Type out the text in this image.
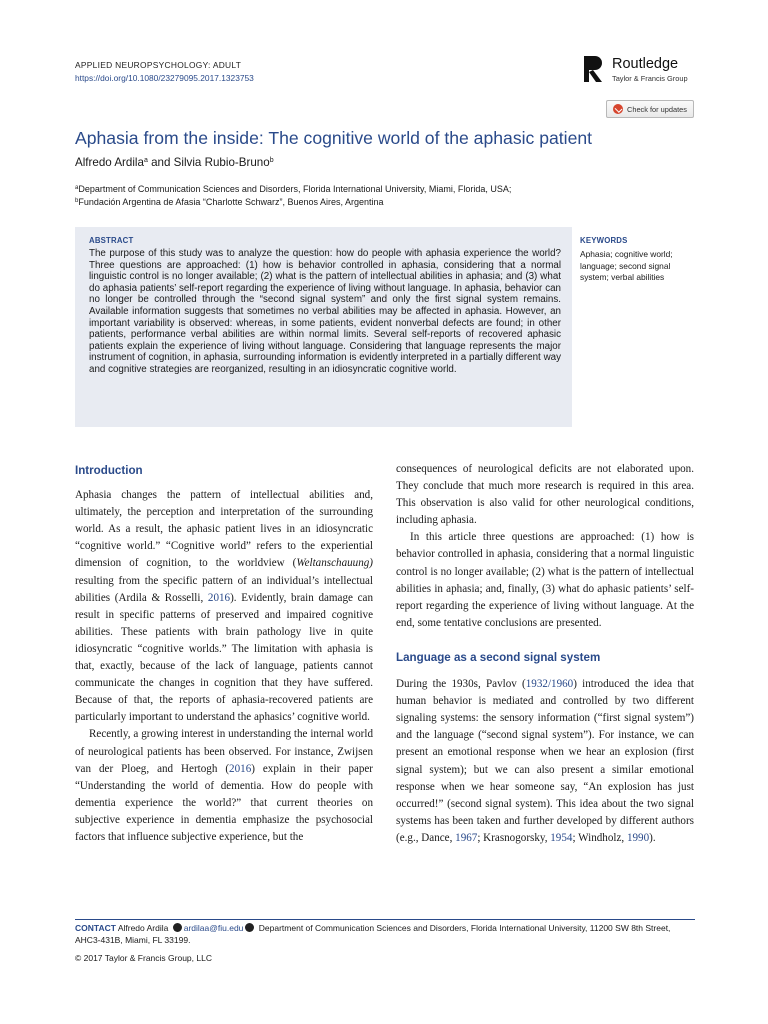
APPLIED NEUROPSYCHOLOGY: ADULT
https://doi.org/10.1080/23279095.2017.1323753
Routledge
Taylor & Francis Group
Check for updates
Aphasia from the inside: The cognitive world of the aphasic patient
Alfredo Ardila$^a$ and Silvia Rubio-Bruno$^b$
$^a$Department of Communication Sciences and Disorders, Florida International University, Miami, Florida, USA;
$^b$Fundación Argentina de Afasia “Charlotte Schwarz”, Buenos Aires, Argentina
ABSTRACT
The purpose of this study was to analyze the question: how do people with aphasia experience the world? Three questions are approached: (1) how is behavior controlled in aphasia, considering that a normal linguistic control is no longer available; (2) what is the pattern of intellectual abilities in aphasia; and (3) what do aphasia patients’ self-report regarding the experience of living without language. In aphasia, behavior can no longer be controlled through the “second signal system” and only the first signal system remains. Available information suggests that sometimes no verbal abilities may be affected in aphasia. However, an important variability is observed: whereas, in some patients, evident nonverbal defects are found; in other patients, performance verbal abilities are within normal limits. Several self-reports of recovered aphasic patients explain the experience of living without language. Considering that language represents the major instrument of cognition, in aphasia, surrounding information is evidently interpreted in a partially different way and cognitive strategies are reorganized, resulting in an idiosyncratic cognitive world.
KEYWORDS
Aphasia; cognitive world; language; second signal system; verbal abilities

Introduction

Aphasia changes the pattern of intellectual abilities and, ultimately, the perception and interpretation of the surrounding world. As a result, the aphasic patient lives in an idiosyncratic “cognitive world.” “Cognitive world” refers to the experiential dimension of cognition, to the worldview (Weltanschauung) resulting from the specific pattern of an individual’s intellectual abilities (Ardila & Rosselli, 2016). Evidently, brain damage can result in specific patterns of preserved and impaired cognitive abilities. These patients with brain pathology live in quite idiosyncratic “cognitive worlds.” The limitation with aphasia is that, exactly, because of the lack of language, patients cannot communicate the changes in cognition that they have suffered. Because of that, the reports of aphasia-recovered patients are particularly important to understand the aphasics’ cognitive world.

Recently, a growing interest in understanding the internal world of neurological patients has been observed. For instance, Zwijsen van der Ploeg, and Hertogh (2016) explain in their paper “Understanding the world of dementia. How do people with dementia experience the world?” that current theories on subjective experience in dementia emphasize the psychosocial factors that influence subjective experience, but the

consequences of neurological deficits are not elaborated upon. They conclude that much more research is required in this area. This observation is also valid for other neurological conditions, including aphasia.

In this article three questions are approached: (1) how is behavior controlled in aphasia, considering that a normal linguistic control is no longer available; (2) what is the pattern of intellectual abilities in aphasia; and, finally, (3) what do aphasic patients’ self-report regarding the experience of living without language. At the end, some tentative conclusions are presented.

Language as a second signal system

During the 1930s, Pavlov (1932/1960) introduced the idea that human behavior is mediated and controlled by two different signaling systems: the sensory information (“first signal system”) and the language (“second signal system”). For instance, we can present an emotional response when we hear an explosion (first signal system); but we can also present a similar emotional response when we hear someone say, “An explosion has just occurred!” (second signal system). This idea about the two signal systems has been taken and further developed by different authors (e.g., Dance, 1967; Krasnogorsky, 1954; Windholz, 1990).

CONTACT Alfredo Ardila ardilaa@fiu.edu Department of Communication Sciences and Disorders, Florida International University, 11200 SW 8th Street, AHC3-431B, Miami, FL 33199.
© 2017 Taylor & Francis Group, LLC
